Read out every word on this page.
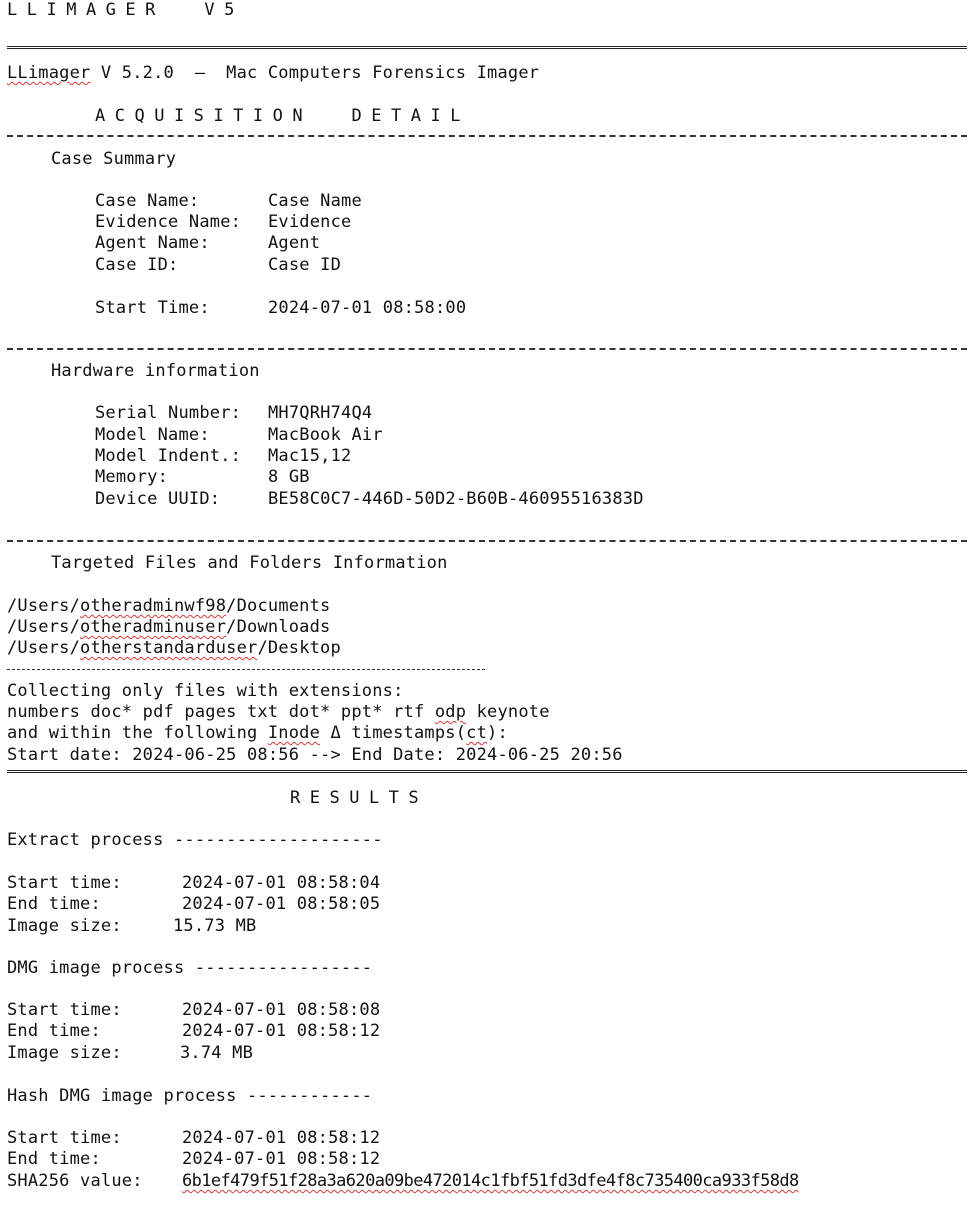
LLIMAGER  V5
LLimager V 5.2.0  –  Mac Computers Forensics Imager
ACQUISITION  DETAIL
Case Summary
Case Name:	Case Name
Evidence Name: Evidence
Agent Name:	Agent
Case ID:	Case ID
Start Time:	2024-07-01 08:58:00
Hardware information
Serial Number: MH7QRH74Q4
Model Name:	MacBook Air
Model Indent.: Mac15,12
Memory:	8 GB
Device UUID:	BE58C0C7-446D-50D2-B60B-46095516383D
Targeted Files and Folders Information
/Users/otheradminwf98/Documents
/Users/otheradminuser/Downloads
/Users/otherstandarduser/Desktop
Collecting only files with extensions:
numbers doc* pdf pages txt dot* ppt* rtf odp keynote
and within the following Inode Δ timestamps(ct):
Start date: 2024-06-25 08:56 --> End Date: 2024-06-25 20:56
RESULTS
Extract process --------------------
Start time:	2024-07-01 08:58:04
End time:	2024-07-01 08:58:05
Image size:	15.73 MB
DMG image process -----------------
Start time:	2024-07-01 08:58:08
End time:	2024-07-01 08:58:12
Image size:	3.74 MB
Hash DMG image process ------------
Start time:	2024-07-01 08:58:12
End time:	2024-07-01 08:58:12
SHA256 value: 6b1ef479f51f28a3a620a09be472014c1fbf51fd3dfe4f8c735400ca933f58d8
